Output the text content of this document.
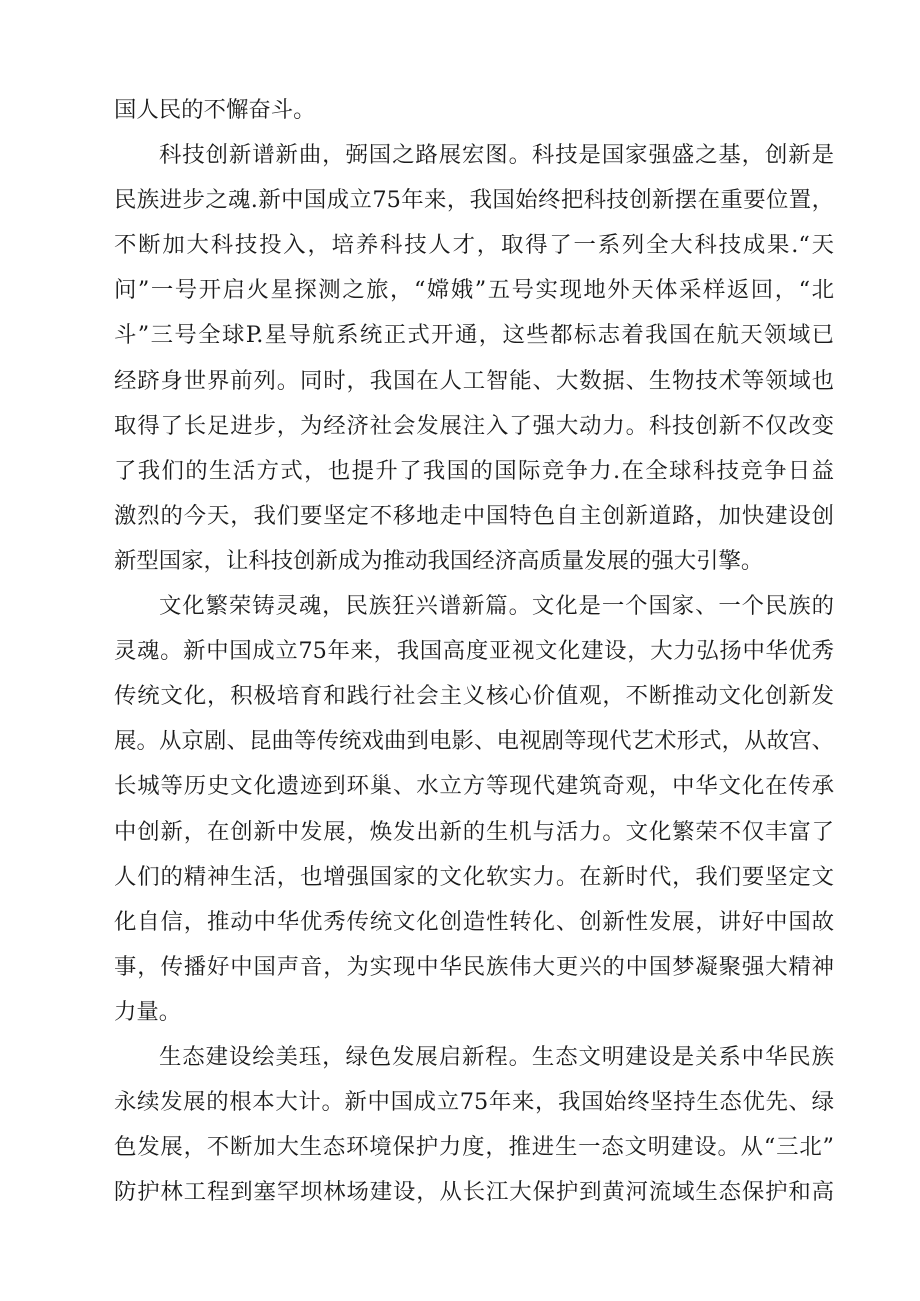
国人民的不懈奋斗。
科技创新谱新曲，弼国之路展宏图。科技是国家强盛之基，创新是
民族进步之魂.新中国成立75年来，我国始终把科技创新摆在重要位置，
不断加大科技投入，培养科技人才，取得了一系列全大科技成果.“天
问”一号开启火星探测之旅，“嫦娥”五号实现地外天体采样返回，“北
斗”三号全球P.星导航系统正式开通，这些都标志着我国在航天领域已
经跻身世界前列。同时，我国在人工智能、大数据、生物技术等领域也
取得了长足进步，为经济社会发展注入了强大动力。科技创新不仅改变
了我们的生活方式，也提升了我国的国际竞争力.在全球科技竞争日益
激烈的今天，我们要坚定不移地走中国特色自主创新道路，加快建设创
新型国家，让科技创新成为推动我国经济高质量发展的强大引擎。
文化繁荣铸灵魂，民族狂兴谱新篇。文化是一个国家、一个民族的
灵魂。新中国成立75年来，我国高度亚视文化建设，大力弘扬中华优秀
传统文化，积极培育和践行社会主义核心价值观，不断推动文化创新发
展。从京剧、昆曲等传统戏曲到电影、电视剧等现代艺术形式，从故宫、
长城等历史文化遗迹到环巢、水立方等现代建筑奇观，中华文化在传承
中创新，在创新中发展，焕发出新的生机与活力。文化繁荣不仅丰富了
人们的精神生活，也增强国家的文化软实力。在新时代，我们要坚定文
化自信，推动中华优秀传统文化创造性转化、创新性发展，讲好中国故
事，传播好中国声音，为实现中华民族伟大更兴的中国梦凝聚强大精神
力量。
生态建设绘美珏，绿色发展启新程。生态文明建设是关系中华民族
永续发展的根本大计。新中国成立75年来，我国始终坚持生态优先、绿
色发展，不断加大生态环境保护力度，推进生一态文明建设。从“三北”
防护林工程到塞罕坝林场建设，从长江大保护到黄河流域生态保护和高
